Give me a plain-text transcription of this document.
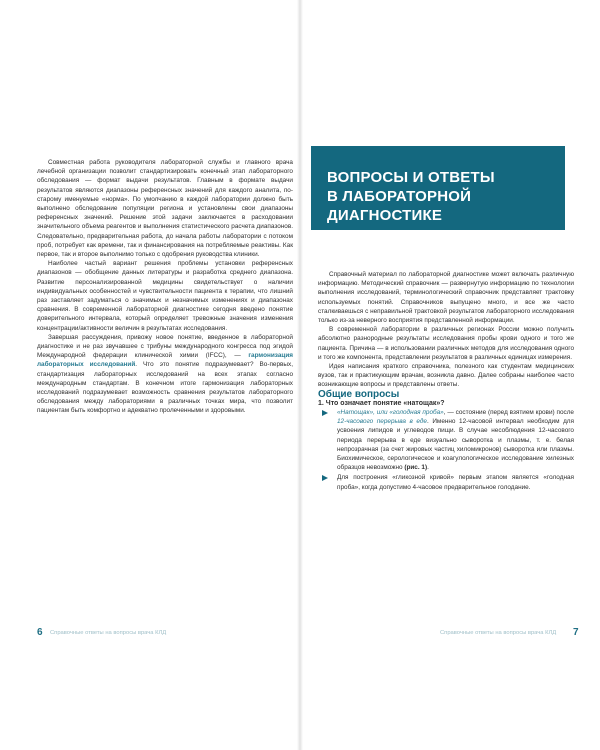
Совместная работа руководителя лабораторной службы и главного врача лечебной организации позволит стандартизировать конечный этап лабораторного обследования — формат выдачи результатов. Главным в формате выдачи результатов являются диапазоны референсных значений для каждого аналита, по-старому именуемые «норма». По умолчанию в каждой лаборатории должно быть выполнено обследование популяции региона и установлены свои диапазоны референсных значений. Решение этой задачи заключается в расходовании значительного объема реагентов и выполнения статистического расчета диапазонов. Следовательно, предварительная работа, до начала работы лаборатории с потоком проб, потребует как времени, так и финансирования на потребляемые реактивы. Как первое, так и второе выполнимо только с одобрения руководства клиники.

Наиболее частый вариант решения проблемы установки референсных диапазонов — обобщение данных литературы и разработка среднего диапазона. Развитие персонализированной медицины свидетельствует о наличии индивидуальных особенностей и чувствительности пациента к терапии, что лишний раз заставляет задуматься о значимых и незначимых изменениях и диапазонах сравнения. В современной лабораторной диагностике сегодня введено понятие доверительного интервала, который определяет тревожные значения изменения концентрации/активности величин в результатах исследования.

Завершая рассуждения, привожу новое понятие, введенное в лабораторной диагностике и не раз звучавшее с трибуны международного конгресса под эгидой Международной федерации клинической химии (IFCC), — гармонизация лабораторных исследований. Что это понятие подразумевает? Во-первых, стандартизация лабораторных исследований на всех этапах согласно международным стандартам. В конечном итоге гармонизация лабораторных исследований подразумевает возможность сравнения результатов лабораторного обследования между лабораториями в различных точках мира, что позволит пациентам быть комфортно и адекватно пролеченными и здоровыми.

6 Справочные ответы на вопросы врача КЛД
ВОПРОСЫ И ОТВЕТЫ
В ЛАБОРАТОРНОЙ ДИАГНОСТИКЕ

Справочный материал по лабораторной диагностике может включать различную информацию. Методический справочник — развернутую информацию по технологии выполнения исследований, терминологический справочник представляет трактовку используемых понятий. Справочников выпущено много, и все же часто сталкиваешься с неправильной трактовкой результатов лабораторного исследования только из-за неверного восприятия представленной информации.

В современной лаборатории в различных регионах России можно получить абсолютно разнородные результаты исследования пробы крови одного и того же пациента. Причина — в использовании различных методов для исследования одного и того же компонента, представлении результатов в различных единицах измерения.

Идея написания краткого справочника, полезного как студентам медицинских вузов, так и практикующим врачам, возникла давно. Далее собраны наиболее часто возникающие вопросы и представлены ответы.

Общие вопросы

1. Что означает понятие «натощак»?

«Натощак», или «голодная проба», — состояние (перед взятием крови) после 12-часового перерыва в еде. Именно 12-часовой интервал необходим для усвоения липидов и углеводов пищи. В случае несоблюдения 12-часового периода перерыва в еде визуально сыворотка и плазмы, т. е. белая непрозрачная (за счет жировых частиц хиломикронов) сыворотка или плазмы. Биохимическое, серологическое и коагулологическое исследование хилезных образцов невозможно (рис. 1).
Для построения «гликозной кривой» первым этапом является «голодная проба», когда допустимо 4-часовое предварительное голодание.
Справочные ответы на вопросы врача КЛД 7
